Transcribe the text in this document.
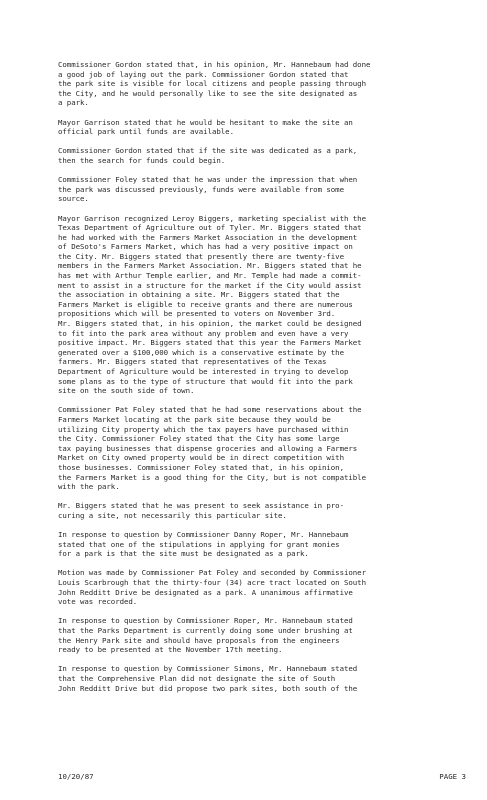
Commissioner Gordon stated that, in his opinion, Mr. Hannebaum had done
a good job of laying out the park. Commissioner Gordon stated that
the park site is visible for local citizens and people passing through
the City, and he would personally like to see the site designated as
a park.

Mayor Garrison stated that he would be hesitant to make the site an
official park until funds are available.

Commissioner Gordon stated that if the site was dedicated as a park,
then the search for funds could begin.

Commissioner Foley stated that he was under the impression that when
the park was discussed previously, funds were available from some
source.

Mayor Garrison recognized Leroy Biggers, marketing specialist with the
Texas Department of Agriculture out of Tyler. Mr. Biggers stated that
he had worked with the Farmers Market Association in the development
of DeSoto's Farmers Market, which has had a very positive impact on
the City. Mr. Biggers stated that presently there are twenty-five
members in the Farmers Market Association. Mr. Biggers stated that he
has met with Arthur Temple earlier, and Mr. Temple had made a commit-
ment to assist in a structure for the market if the City would assist
the association in obtaining a site. Mr. Biggers stated that the
Farmers Market is eligible to receive grants and there are numerous
propositions which will be presented to voters on November 3rd.
Mr. Biggers stated that, in his opinion, the market could be designed
to fit into the park area without any problem and even have a very
positive impact. Mr. Biggers stated that this year the Farmers Market
generated over a $100,000 which is a conservative estimate by the
farmers. Mr. Biggers stated that representatives of the Texas
Department of Agriculture would be interested in trying to develop
some plans as to the type of structure that would fit into the park
site on the south side of town.

Commissioner Pat Foley stated that he had some reservations about the
Farmers Market locating at the park site because they would be
utilizing City property which the tax payers have purchased within
the City. Commissioner Foley stated that the City has some large
tax paying businesses that dispense groceries and allowing a Farmers
Market on City owned property would be in direct competition with
those businesses. Commissioner Foley stated that, in his opinion,
the Farmers Market is a good thing for the City, but is not compatible
with the park.

Mr. Biggers stated that he was present to seek assistance in pro-
curing a site, not necessarily this particular site.

In response to question by Commissioner Danny Roper, Mr. Hannebaum
stated that one of the stipulations in applying for grant monies
for a park is that the site must be designated as a park.

Motion was made by Commissioner Pat Foley and seconded by Commissioner
Louis Scarbrough that the thirty-four (34) acre tract located on South
John Redditt Drive be designated as a park. A unanimous affirmative
vote was recorded.

In response to question by Commissioner Roper, Mr. Hannebaum stated
that the Parks Department is currently doing some under brushing at
the Henry Park site and should have proposals from the engineers
ready to be presented at the November 17th meeting.

In response to question by Commissioner Simons, Mr. Hannebaum stated
that the Comprehensive Plan did not designate the site of South
John Redditt Drive but did propose two park sites, both south of the

10/20/87	PAGE 3
